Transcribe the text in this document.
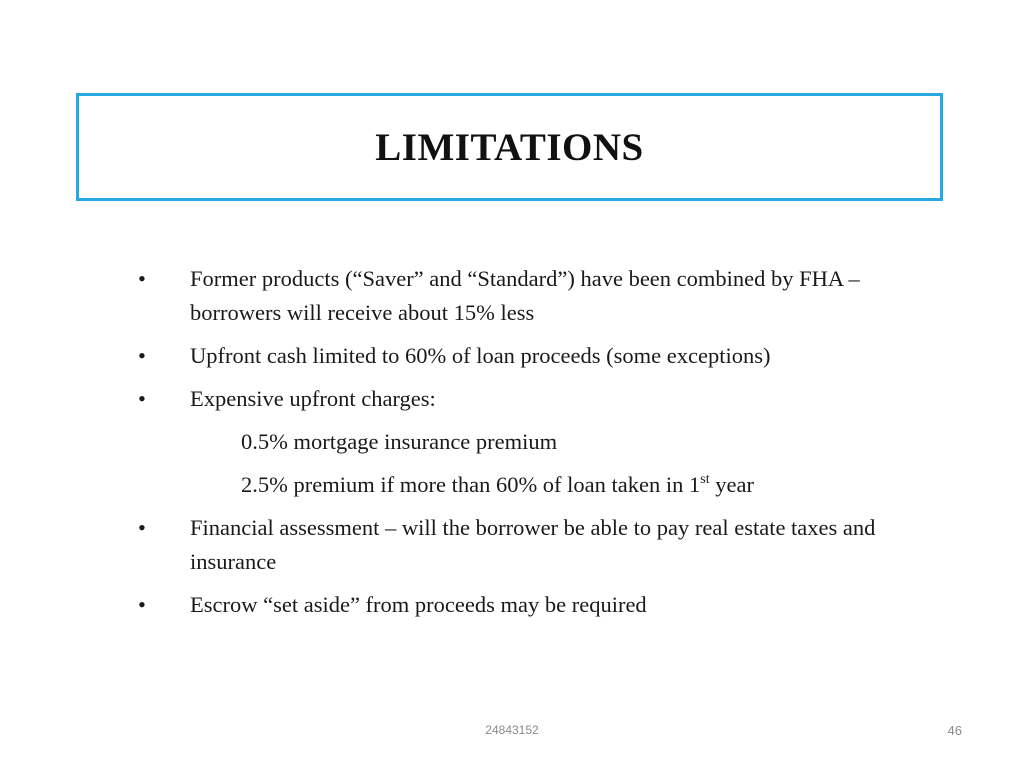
LIMITATIONS
•	Former products (“Saver” and “Standard”) have been combined by FHA – borrowers will receive about 15% less
•	Upfront cash limited to 60% of loan proceeds (some exceptions)
•	Expensive upfront charges:
0.5% mortgage insurance premium
2.5% premium if more than 60% of loan taken in 1st year
•	Financial assessment – will the borrower be able to pay real estate taxes and insurance
•	Escrow “set aside” from proceeds may be required
24843152	46
